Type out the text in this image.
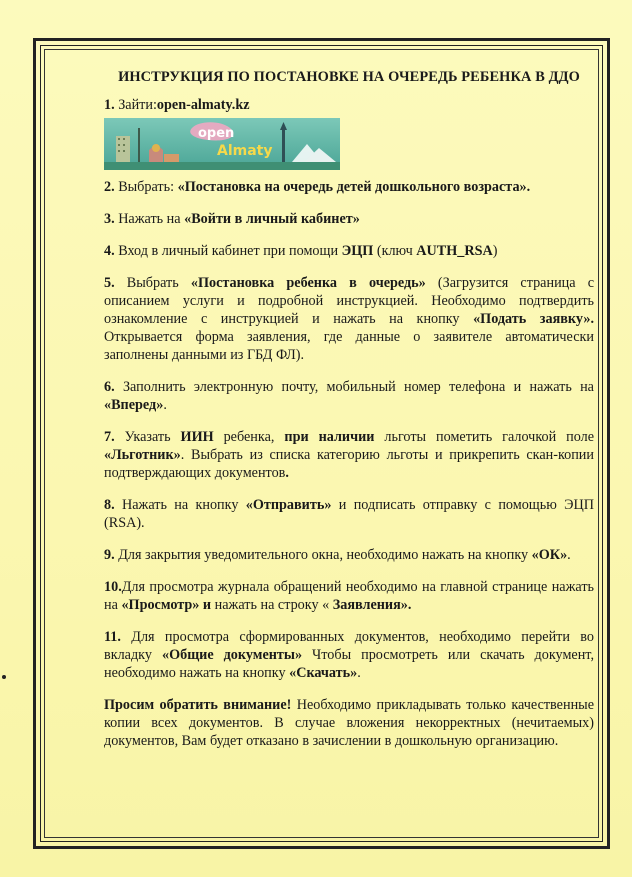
ИНСТРУКЦИЯ ПО ПОСТАНОВКЕ НА ОЧЕРЕДЬ РЕБЕНКА В ДДО
1. Зайти:open-almaty.kz
open
Almaty
2. Выбрать: «Постановка на очередь детей дошкольного возраста».
3. Нажать на «Войти в личный кабинет»
4. Вход в личный кабинет при помощи ЭЦП (ключ AUTH_RSA)
5. Выбрать «Постановка ребенка в очередь» (Загрузится страница с описанием услуги и подробной инструкцией. Необходимо подтвердить ознакомление с инструкцией и нажать на кнопку «Подать заявку». Открывается форма заявления, где данные о заявителе автоматически заполнены данными из ГБД ФЛ).
6. Заполнить электронную почту, мобильный номер телефона и нажать на «Вперед».
7. Указать ИИН ребенка, при наличии льготы пометить галочкой поле «Льготник». Выбрать из списка категорию льготы и прикрепить скан-копии подтверждающих документов.
8. Нажать на кнопку «Отправить» и подписать отправку с помощью ЭЦП (RSA).
9. Для закрытия уведомительного окна, необходимо нажать на кнопку «ОК».
10.Для просмотра журнала обращений необходимо на главной странице нажать на «Просмотр» и нажать на строку « Заявления».
11. Для просмотра сформированных документов, необходимо перейти во вкладку «Общие документы» Чтобы просмотреть или скачать документ, необходимо нажать на кнопку «Скачать».
Просим обратить внимание! Необходимо прикладывать только качественные копии всех документов. В случае вложения некорректных (нечитаемых) документов, Вам будет отказано в зачислении в дошкольную организацию.
